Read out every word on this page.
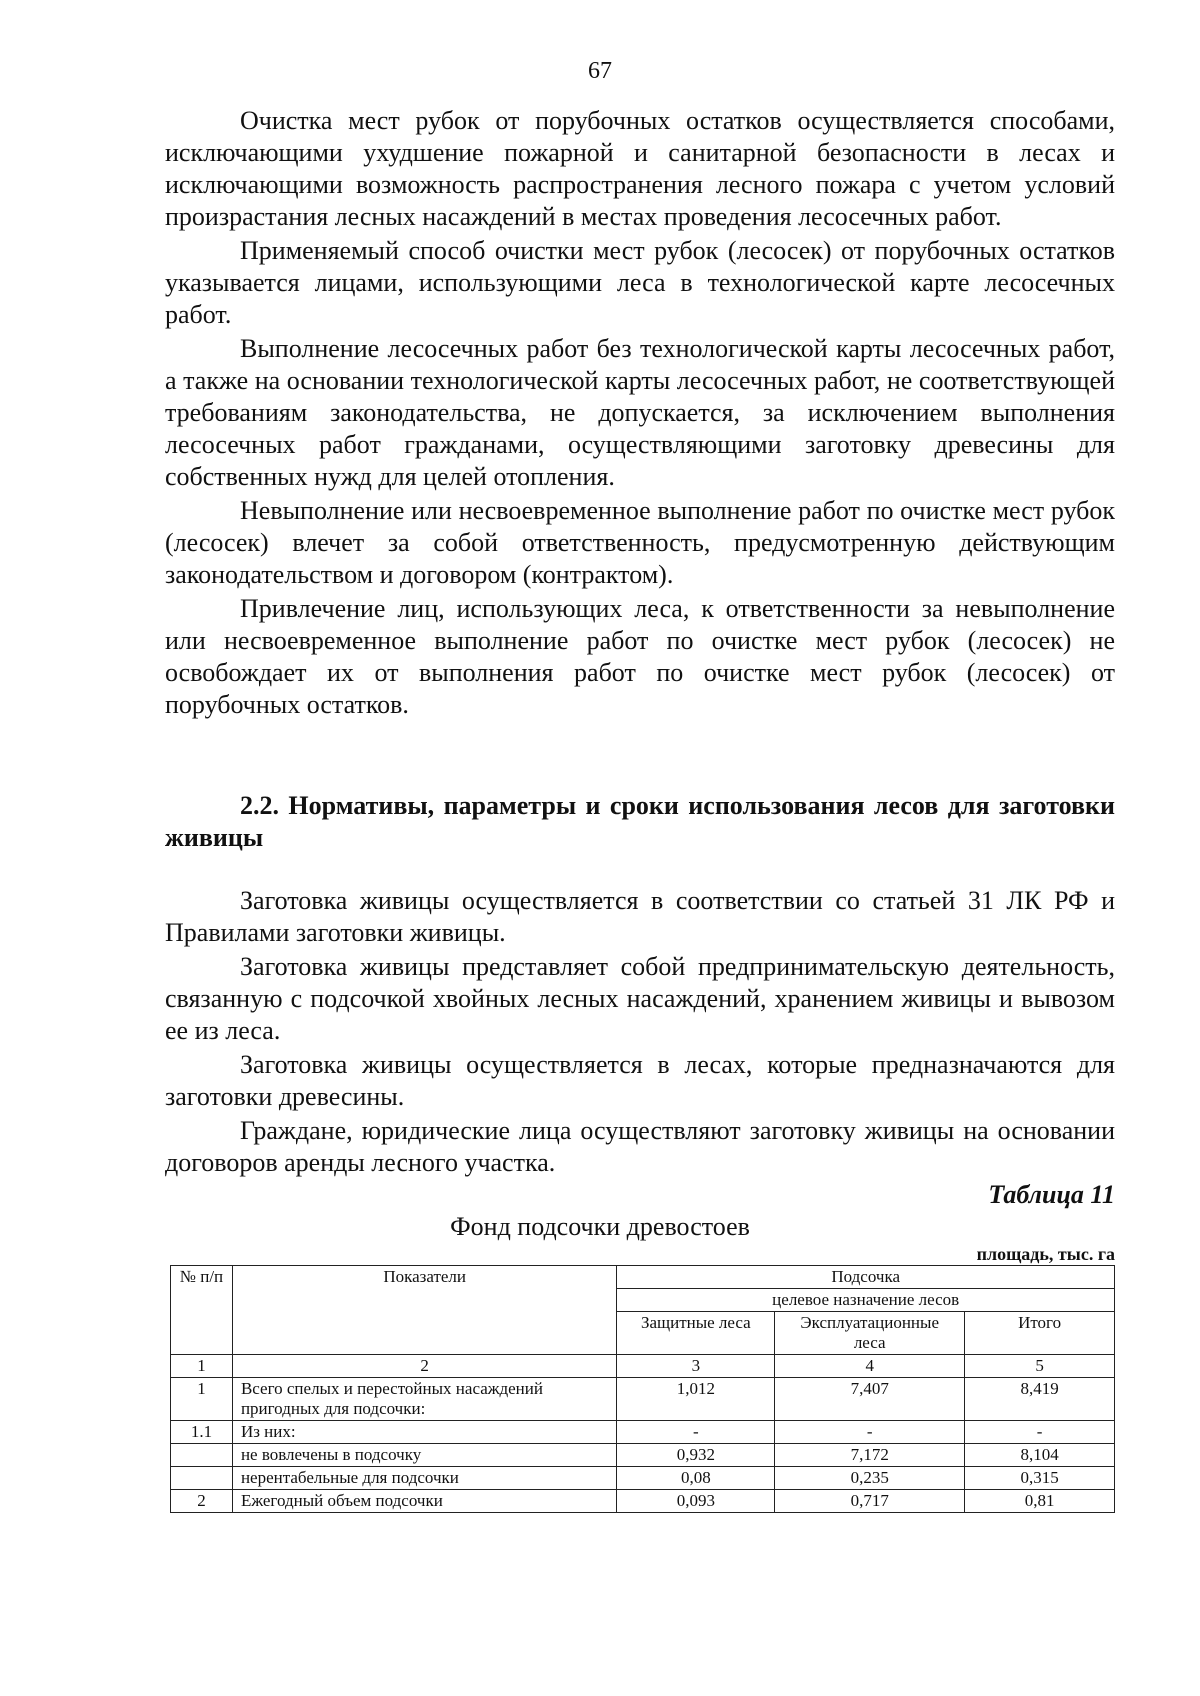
67

Очистка мест рубок от порубочных остатков осуществляется способами, исключающими ухудшение пожарной и санитарной безопасности в лесах и исключающими возможность распространения лесного пожара с учетом условий произрастания лесных насаждений в местах проведения лесосечных работ.

Применяемый способ очистки мест рубок (лесосек) от порубочных остатков указывается лицами, использующими леса в технологической карте лесосечных работ.

Выполнение лесосечных работ без технологической карты лесосечных работ, а также на основании технологической карты лесосечных работ, не соответствующей требованиям законодательства, не допускается, за исключением выполнения лесосечных работ гражданами, осуществляющими заготовку древесины для собственных нужд для целей отопления.

Невыполнение или несвоевременное выполнение работ по очистке мест рубок (лесосек) влечет за собой ответственность, предусмотренную действующим законодательством и договором (контрактом).

Привлечение лиц, использующих леса, к ответственности за невыполнение или несвоевременное выполнение работ по очистке мест рубок (лесосек) не освобождает их от выполнения работ по очистке мест рубок (лесосек) от порубочных остатков.

2.2. Нормативы, параметры и сроки использования лесов для заготовки живицы

Заготовка живицы осуществляется в соответствии со статьей 31 ЛК РФ и Правилами заготовки живицы.

Заготовка живицы представляет собой предпринимательскую деятельность, связанную с подсочкой хвойных лесных насаждений, хранением живицы и вывозом ее из леса.

Заготовка живицы осуществляется в лесах, которые предназначаются для заготовки древесины.

Граждане, юридические лица осуществляют заготовку живицы на основании договоров аренды лесного участка.

Таблица 11
Фонд подсочки древостоев
площадь, тыс. га
№ п/п	Показатели	Подсочка		
		целевое назначение лесов		
		Защитные леса	Эксплуатационные леса	Итого
1	2	3	4	5
1	Всего спелых и перестойных насаждений пригодных для подсочки:	1,012	7,407	8,419
1.1	Из них:	-	-	-
	не вовлечены в подсочку	0,932	7,172	8,104
	нерентабельные для подсочки	0,08	0,235	0,315
2	Ежегодный объем подсочки	0,093	0,717	0,81
